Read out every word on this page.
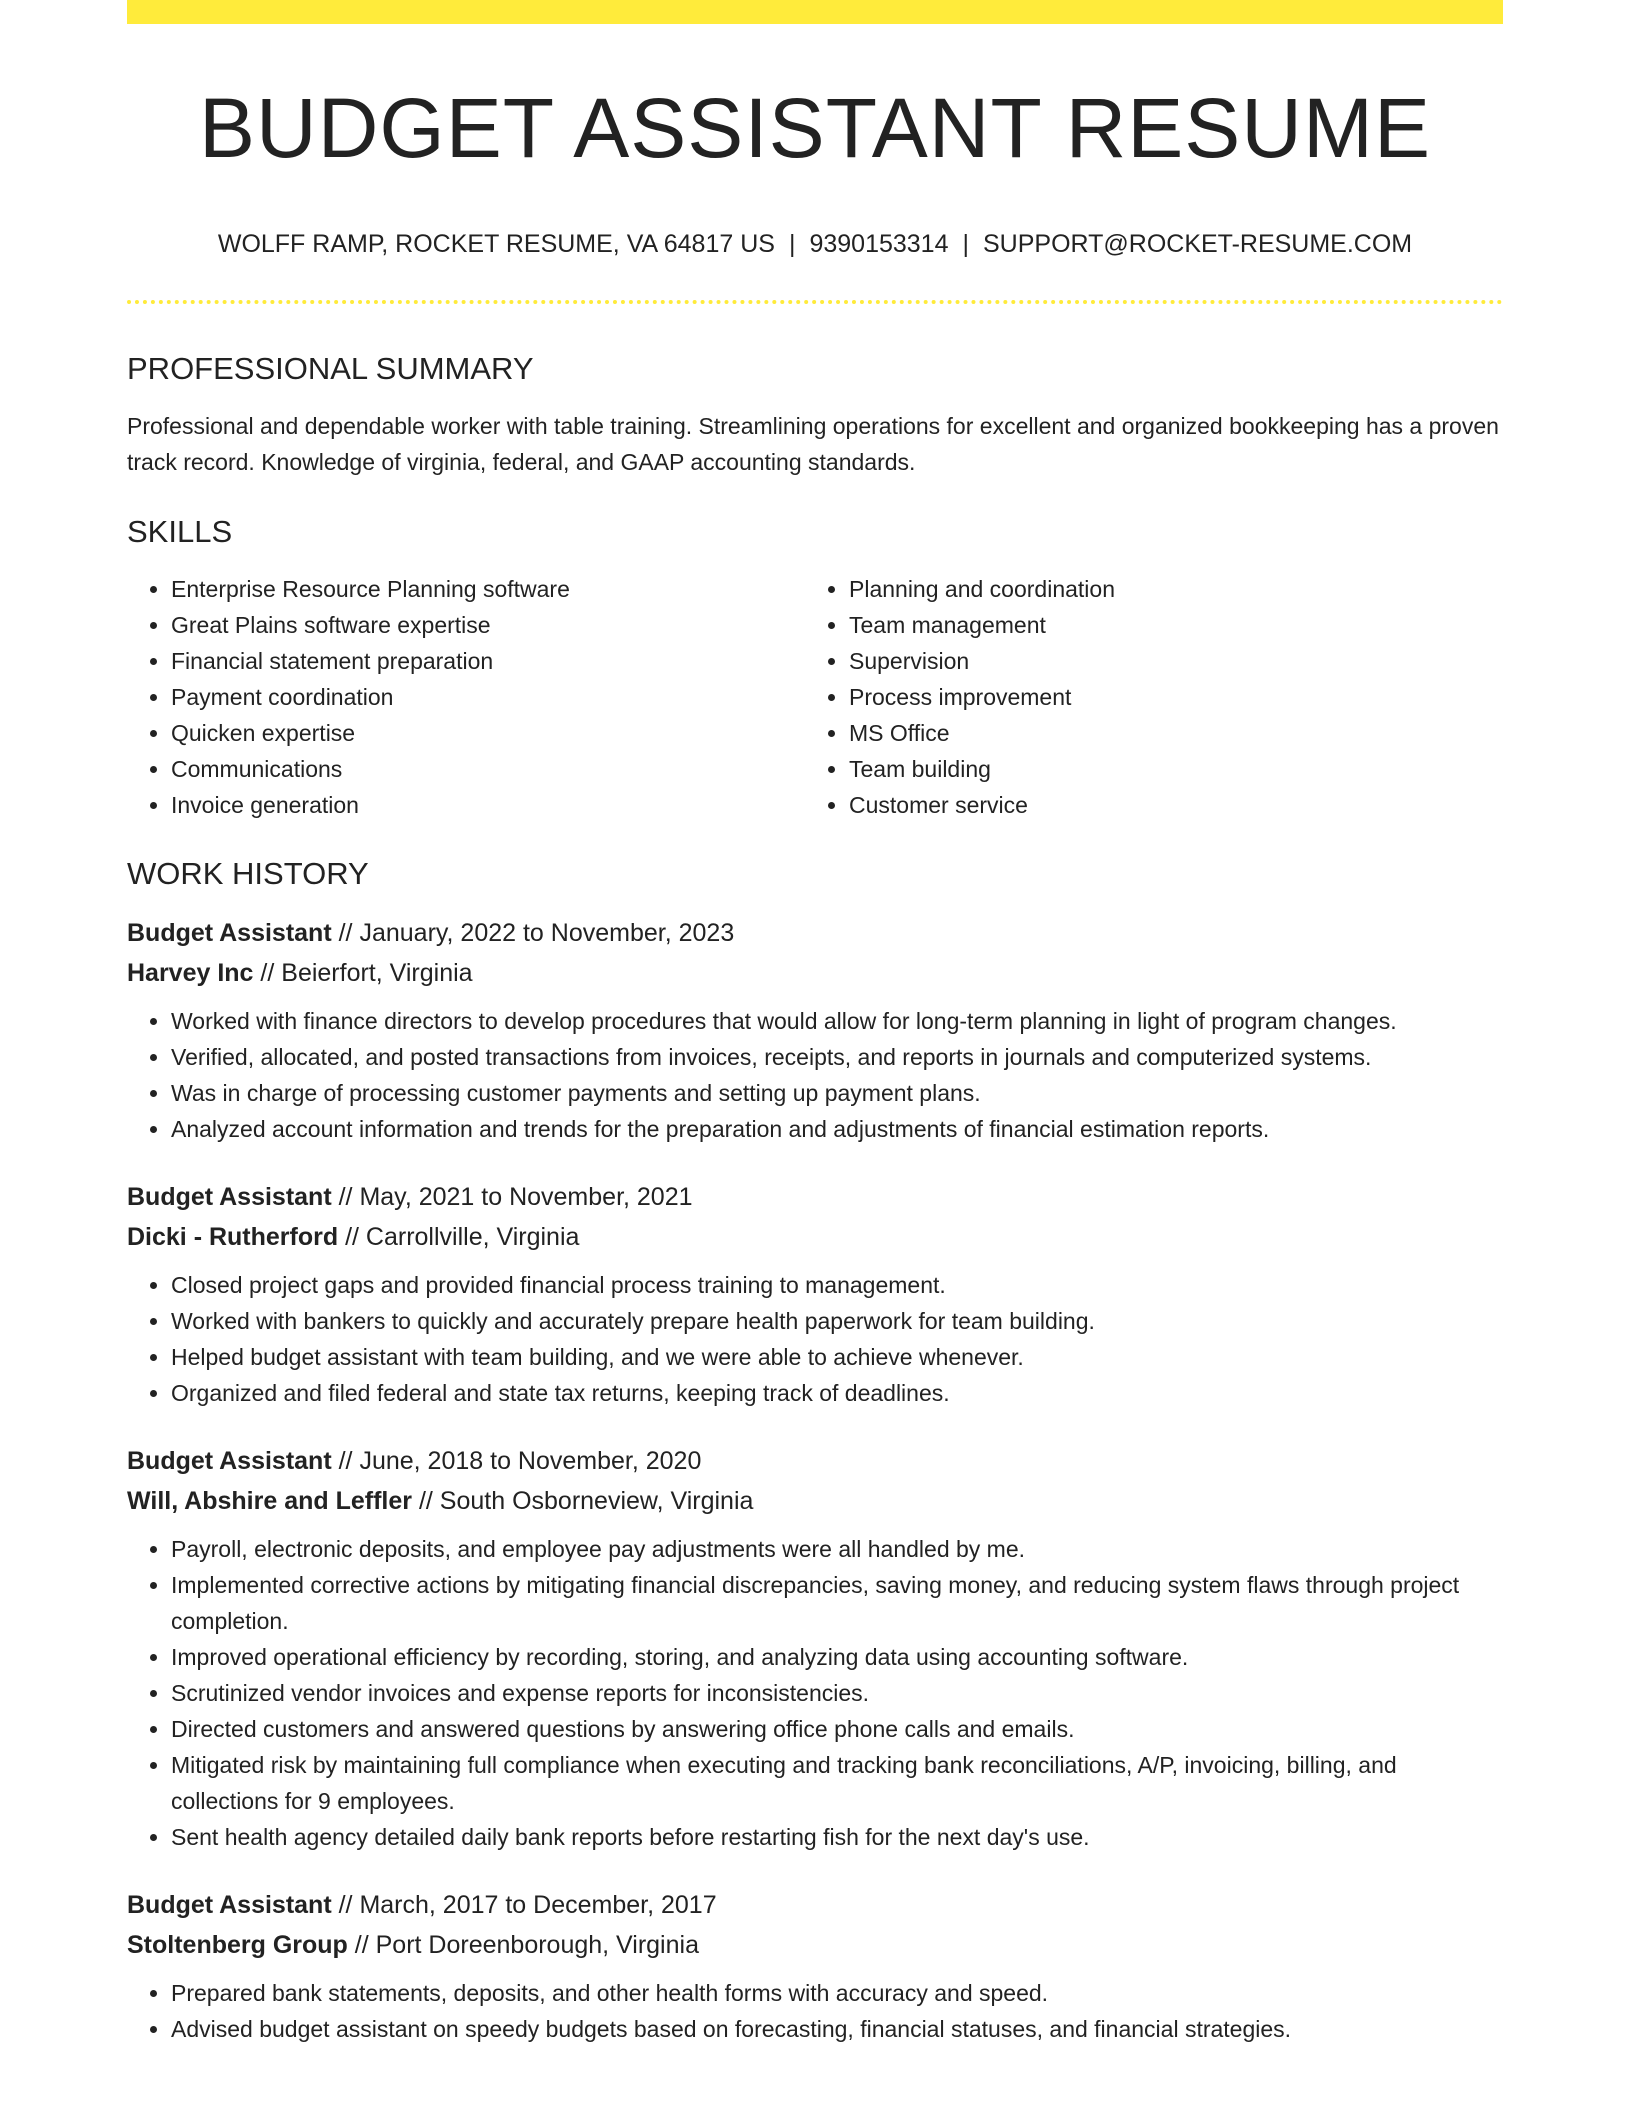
BUDGET ASSISTANT RESUME
WOLFF RAMP, ROCKET RESUME, VA 64817 US | 9390153314 | SUPPORT@ROCKET-RESUME.COM
PROFESSIONAL SUMMARY
Professional and dependable worker with table training. Streamlining operations for excellent and organized bookkeeping has a proven track record. Knowledge of virginia, federal, and GAAP accounting standards.
SKILLS
• Enterprise Resource Planning software
• Great Plains software expertise
• Financial statement preparation
• Payment coordination
• Quicken expertise
• Communications
• Invoice generation
• Planning and coordination
• Team management
• Supervision
• Process improvement
• MS Office
• Team building
• Customer service
WORK HISTORY
Budget Assistant // January, 2022 to November, 2023
Harvey Inc // Beierfort, Virginia
• Worked with finance directors to develop procedures that would allow for long-term planning in light of program changes.
• Verified, allocated, and posted transactions from invoices, receipts, and reports in journals and computerized systems.
• Was in charge of processing customer payments and setting up payment plans.
• Analyzed account information and trends for the preparation and adjustments of financial estimation reports.
Budget Assistant // May, 2021 to November, 2021
Dicki - Rutherford // Carrollville, Virginia
• Closed project gaps and provided financial process training to management.
• Worked with bankers to quickly and accurately prepare health paperwork for team building.
• Helped budget assistant with team building, and we were able to achieve whenever.
• Organized and filed federal and state tax returns, keeping track of deadlines.
Budget Assistant // June, 2018 to November, 2020
Will, Abshire and Leffler // South Osborneview, Virginia
• Payroll, electronic deposits, and employee pay adjustments were all handled by me.
• Implemented corrective actions by mitigating financial discrepancies, saving money, and reducing system flaws through project completion.
• Improved operational efficiency by recording, storing, and analyzing data using accounting software.
• Scrutinized vendor invoices and expense reports for inconsistencies.
• Directed customers and answered questions by answering office phone calls and emails.
• Mitigated risk by maintaining full compliance when executing and tracking bank reconciliations, A/P, invoicing, billing, and collections for 9 employees.
• Sent health agency detailed daily bank reports before restarting fish for the next day's use.
Budget Assistant // March, 2017 to December, 2017
Stoltenberg Group // Port Doreenborough, Virginia
• Prepared bank statements, deposits, and other health forms with accuracy and speed.
• Advised budget assistant on speedy budgets based on forecasting, financial statuses, and financial strategies.
